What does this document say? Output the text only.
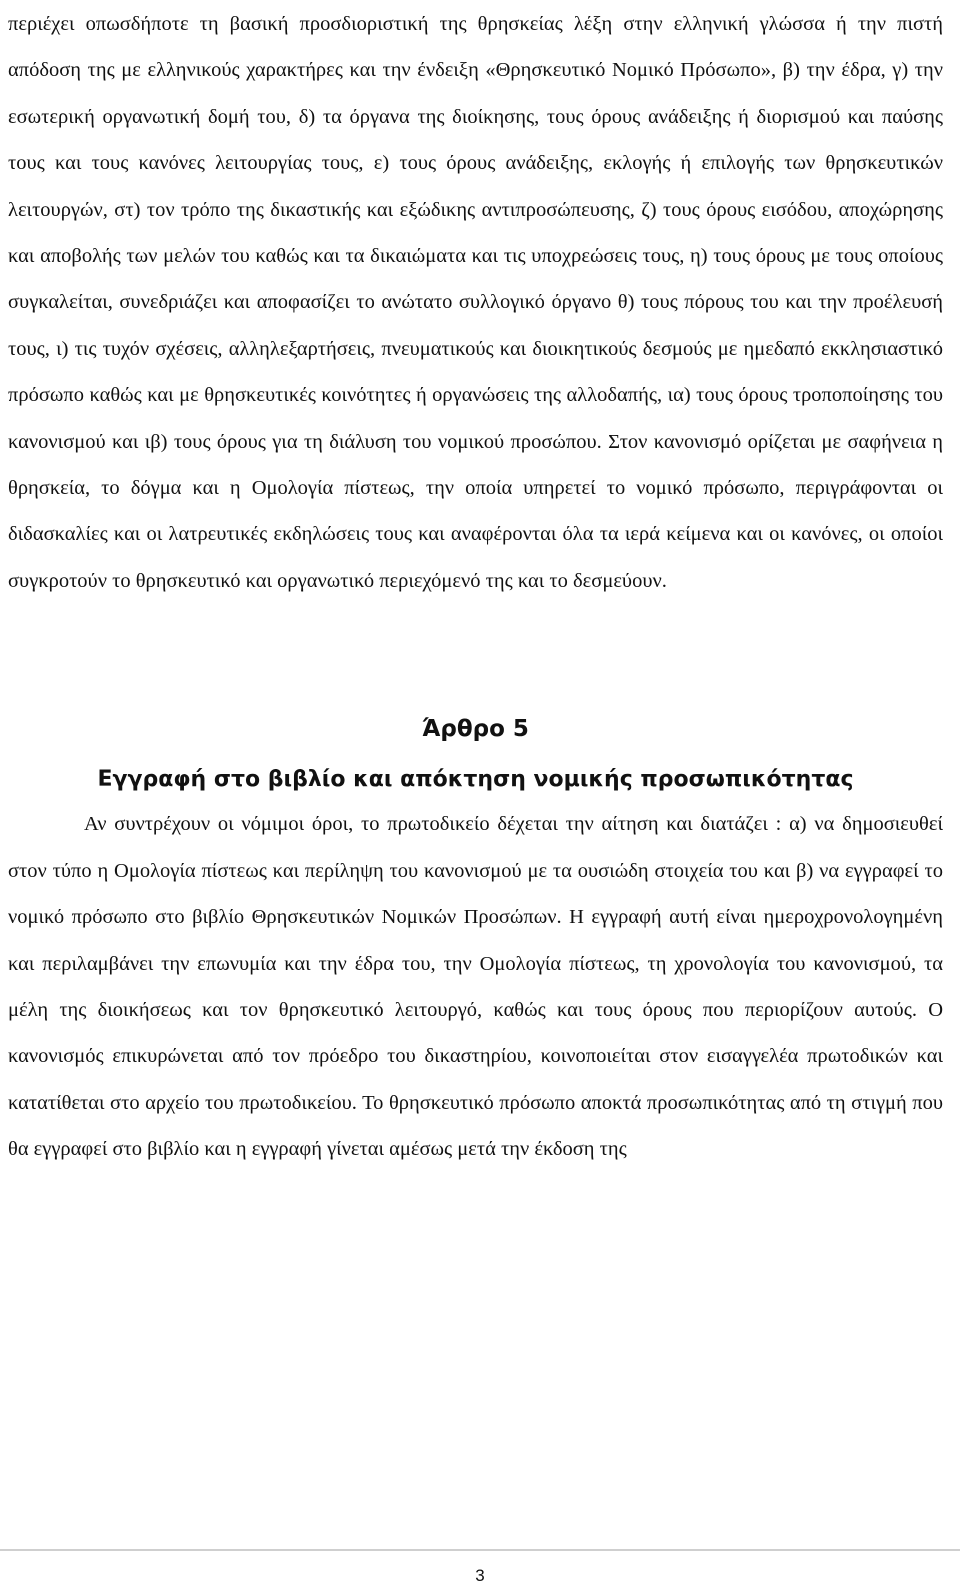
περιέχει οπωσδήποτε τη βασική προσδιοριστική της θρησκείας λέξη στην ελληνική γλώσσα ή την πιστή απόδοση της με ελληνικούς χαρακτήρες και την ένδειξη «Θρησκευτικό Νομικό Πρόσωπο», β) την έδρα, γ) την εσωτερική οργανωτική δομή του, δ) τα όργανα της διοίκησης, τους όρους ανάδειξης ή διορισμού και παύσης τους και τους κανόνες λειτουργίας τους, ε) τους όρους ανάδειξης, εκλογής ή επιλογής των θρησκευτικών λειτουργών, στ) τον τρόπο της δικαστικής και εξώδικης αντιπροσώπευσης, ζ) τους όρους εισόδου, αποχώρησης και αποβολής των μελών του καθώς και τα δικαιώματα και τις υποχρεώσεις τους, η) τους όρους με τους οποίους συγκαλείται, συνεδριάζει και αποφασίζει το ανώτατο συλλογικό όργανο θ) τους πόρους του και την προέλευσή τους, ι) τις τυχόν σχέσεις, αλληλεξαρτήσεις, πνευματικούς και διοικητικούς δεσμούς με ημεδαπό εκκλησιαστικό πρόσωπο καθώς και με θρησκευτικές κοινότητες ή οργανώσεις της αλλοδαπής, ια) τους όρους τροποποίησης του κανονισμού και ιβ) τους όρους για τη διάλυση του νομικού προσώπου. Στον κανονισμό ορίζεται με σαφήνεια η θρησκεία, το δόγμα και η Ομολογία πίστεως, την οποία υπηρετεί το νομικό πρόσωπο, περιγράφονται οι διδασκαλίες και οι λατρευτικές εκδηλώσεις τους και αναφέρονται όλα τα ιερά κείμενα και οι κανόνες, οι οποίοι συγκροτούν το θρησκευτικό και οργανωτικό περιεχόμενό της και το δεσμεύουν.

Άρθρο 5
Εγγραφή στο βιβλίο και απόκτηση νομικής προσωπικότητας

Αν συντρέχουν οι νόμιμοι όροι, το πρωτοδικείο δέχεται την αίτηση και διατάζει : α) να δημοσιευθεί στον τύπο η Ομολογία πίστεως και περίληψη του κανονισμού με τα ουσιώδη στοιχεία του και β) να εγγραφεί το νομικό πρόσωπο στο βιβλίο Θρησκευτικών Νομικών Προσώπων. Η εγγραφή αυτή είναι ημεροχρονολογημένη και περιλαμβάνει την επωνυμία και την έδρα του, την Ομολογία πίστεως, τη χρονολογία του κανονισμού, τα μέλη της διοικήσεως και τον θρησκευτικό λειτουργό, καθώς και τους όρους που περιορίζουν αυτούς. Ο κανονισμός επικυρώνεται από τον πρόεδρο του δικαστηρίου, κοινοποιείται στον εισαγγελέα πρωτοδικών και κατατίθεται στο αρχείο του πρωτοδικείου. Το θρησκευτικό πρόσωπο αποκτά προσωπικότητας από τη στιγμή που θα εγγραφεί στο βιβλίο και η εγγραφή γίνεται αμέσως μετά την έκδοση της

3
